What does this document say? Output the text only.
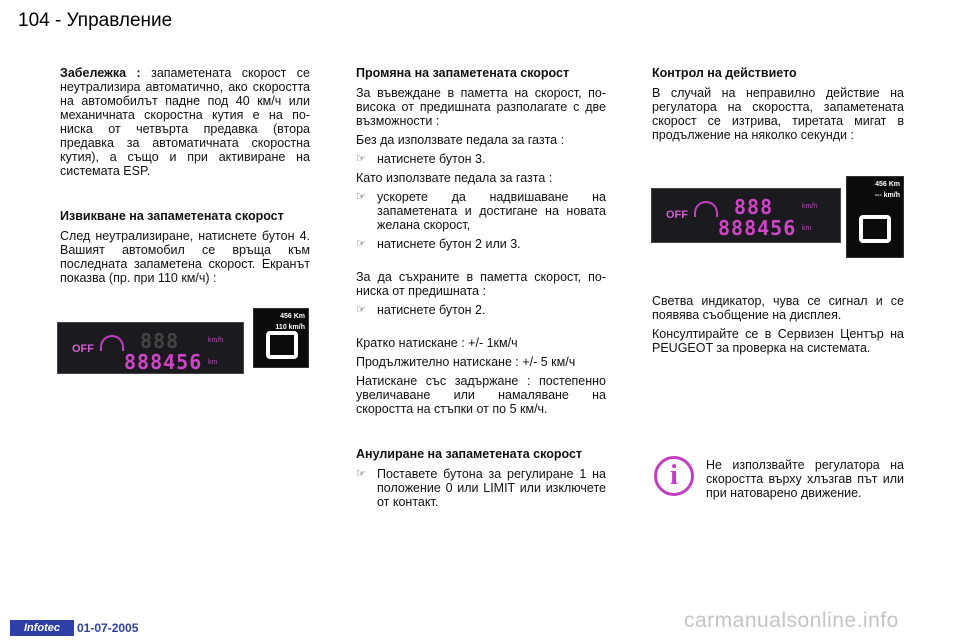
104 - Управление

Забележка : запаметената скорост се неутрализира автоматично, ако скоростта на автомобилът падне под 40 км/ч или механичната скоростна кутия е на по-ниска от четвърта предавка (втора предавка за автоматичната скоростна кутия), а също и при активиране на системата ESP.

Извикване на запаметената скорост

След неутрализиране, натиснете бутон 4. Вашият автомобил се връща към последната запаметена скорост. Екранът показва (пр. при 110 км/ч) :

Промяна на запаметената скорост

За въвеждане в паметта на скорост, по-висока от предишната разполагате с две възможности :

Без да използвате педала за газта :

☞ натиснете бутон 3.

Като използвате педала за газта :

☞ ускорете да надвишаване на запаметената и достигане на новата желана скорост,
☞ натиснете бутон 2 или 3.

За да съхраните в паметта скорост, по-ниска от предишната :

☞ натиснете бутон 2.

Кратко натискане : +/- 1км/ч

Продължително натискане : +/- 5 км/ч

Натискане със задържане : постепенно увеличаване или намаляване на скоростта на стъпки от по 5 км/ч.

Анулиране на запаметената скорост
☞ Поставете бутона за регулиране 1 на положение 0 или LIMIT или изключете от контакт.
Контрол на действието

В случай на неправилно действие на регулатора на скоростта, запаметената скорост се изтрива, тиретата мигат в продължение на няколко секунди :

Светва индикатор, чува се сигнал и се появява съобщение на дисплея.

Консултирайте се в Сервизен Център на PEUGEOT за проверка на системата.

OFF 888
888456
km/h
km
456 Km
110 km/h
OFF 888
888456
km/h
km
456 Km
--- km/h
i	Не използвайте регулатора на скоростта върху хлъзгав път или при натоварено движение.
Infotec	01-07-2005	carmanualsonline.info
